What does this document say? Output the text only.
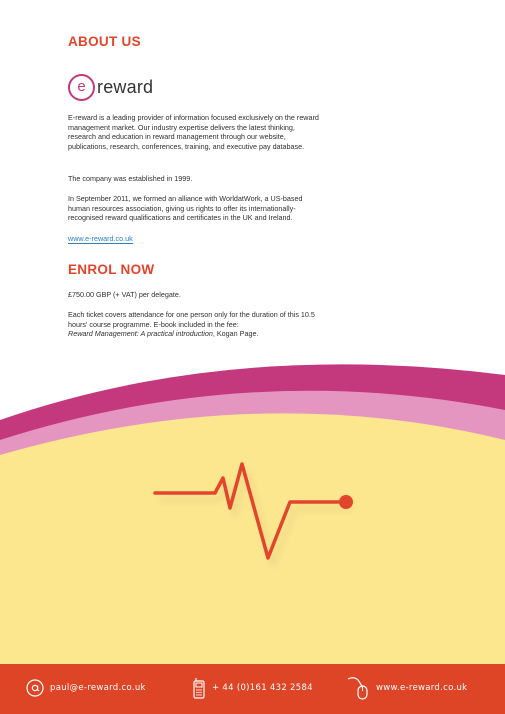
ABOUT US
e reward

E-reward is a leading provider of information focused exclusively on the reward management market. Our industry expertise delivers the latest thinking, research and education in reward management through our website, publications, research, conferences, training, and executive pay database.

The company was established in 1999.

In September 2011, we formed an alliance with WorldatWork, a US-based human resources association, giving us rights to offer its internationally-recognised reward qualifications and certificates in the UK and Ireland.

www.e-reward.co.uk
ENROL NOW

£750.00 GBP (+ VAT) per delegate.

Each ticket covers attendance for one person only for the duration of this 10.5 hours' course programme. E-book included in the fee:

Reward Management: A practical introduction, Kogan Page.

paul@e-reward.co.uk	+ 44 (0)161 432 2584	www.e-reward.co.uk
